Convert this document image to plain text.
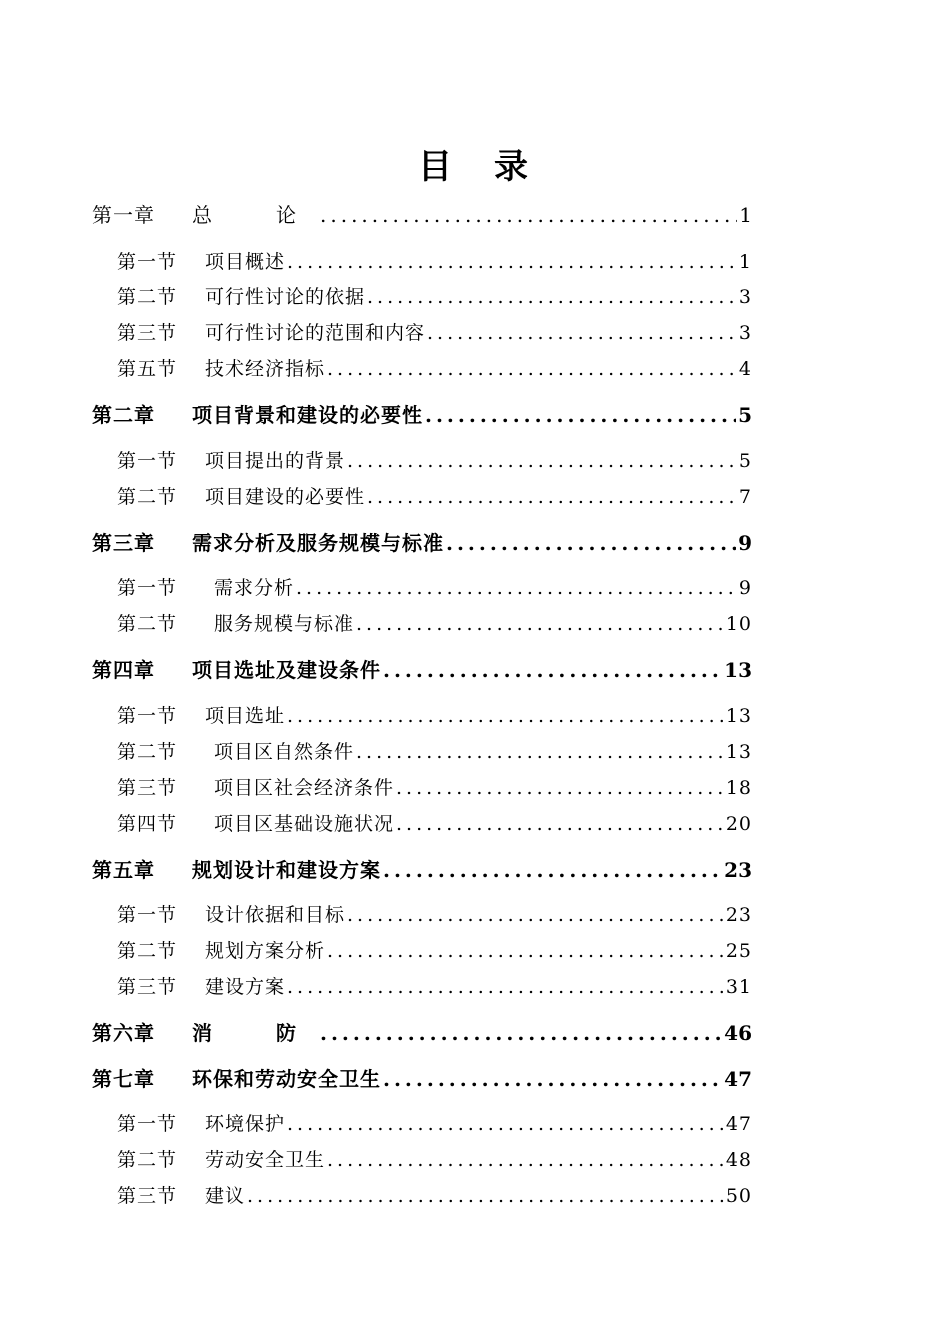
目　录
第一章	总　论 .....	1
第一节	项目概述 .....	1
第二节	可行性讨论的依据 .....	3
第三节	可行性讨论的范围和内容 .....	3
第五节	技术经济指标 .....	4
第二章	项目背景和建设的必要性 .....	5
第一节	项目提出的背景 .....	5
第二节	项目建设的必要性 .....	7
第三章	需求分析及服务规模与标准 .....	9
第一节	需求分析 .....	9
第二节	服务规模与标准 .....	10
第四章	项目选址及建设条件 .....	13
第一节	项目选址 .....	13
第二节	项目区自然条件 .....	13
第三节	项目区社会经济条件 .....	18
第四节	项目区基础设施状况 .....	20
第五章	规划设计和建设方案 .....	23
第一节	设计依据和目标 .....	23
第二节	规划方案分析 .....	25
第三节	建设方案 .....	31
第六章	消　防 .....	46
第七章	环保和劳动安全卫生 .....	47
第一节	环境保护 .....	47
第二节	劳动安全卫生 .....	48
第三节	建议 .....	50
